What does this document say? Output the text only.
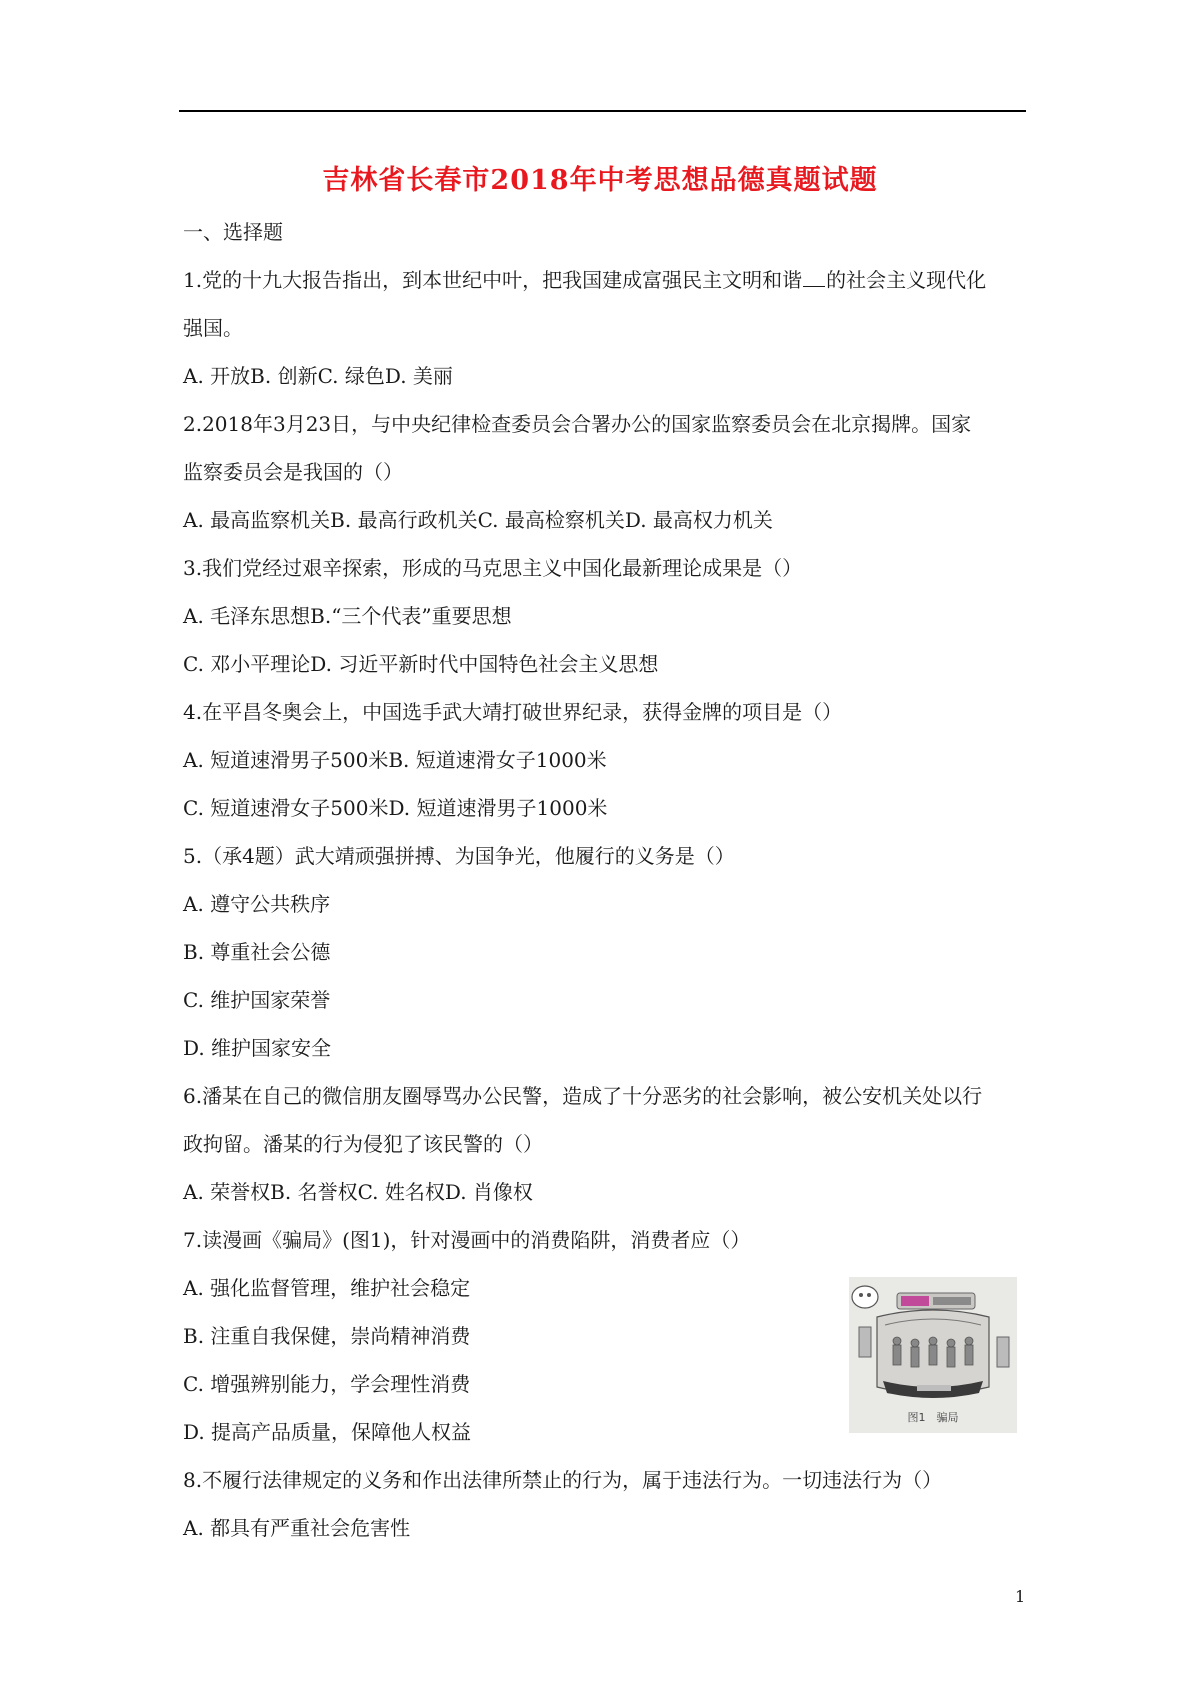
吉林省长春市2018年中考思想品德真题试题
一、选择题
1.党的十九大报告指出，到本世纪中叶，把我国建成富强民主文明和谐 的社会主义现代化
强国。
A. 开放B. 创新C. 绿色D. 美丽
2.2018年3月23日，与中央纪律检查委员会合署办公的国家监察委员会在北京揭牌。国家
监察委员会是我国的（）
A. 最高监察机关B. 最高行政机关C. 最高检察机关D. 最高权力机关
3.我们党经过艰辛探索，形成的马克思主义中国化最新理论成果是（）
A. 毛泽东思想B.“三个代表”重要思想
C. 邓小平理论D. 习近平新时代中国特色社会主义思想
4.在平昌冬奥会上，中国选手武大靖打破世界纪录，获得金牌的项目是（）
A. 短道速滑男子500米B. 短道速滑女子1000米
C. 短道速滑女子500米D. 短道速滑男子1000米
5.（承4题）武大靖顽强拼搏、为国争光，他履行的义务是（）
A. 遵守公共秩序
B. 尊重社会公德
C. 维护国家荣誉
D. 维护国家安全
6.潘某在自己的微信朋友圈辱骂办公民警，造成了十分恶劣的社会影响，被公安机关处以行
政拘留。潘某的行为侵犯了该民警的（）
A. 荣誉权B. 名誉权C. 姓名权D. 肖像权
7.读漫画《骗局》(图1)，针对漫画中的消费陷阱，消费者应（）
A. 强化监督管理，维护社会稳定
B. 注重自我保健，崇尚精神消费
C. 增强辨别能力，学会理性消费
D. 提高产品质量，保障他人权益
8.不履行法律规定的义务和作出法律所禁止的行为，属于违法行为。一切违法行为（）
A. 都具有严重社会危害性
图1　骗局
1
